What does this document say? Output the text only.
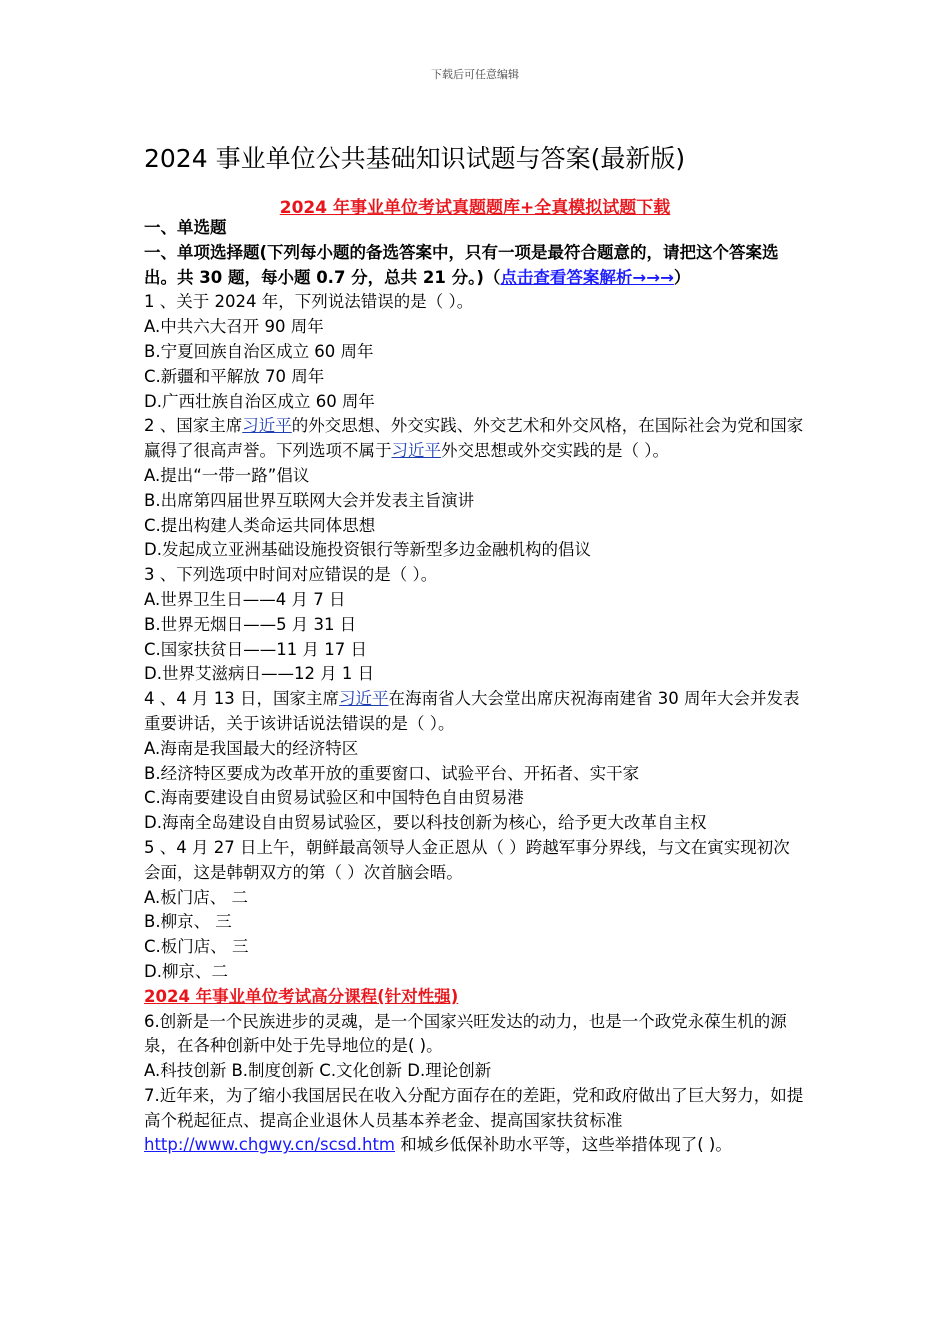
下载后可任意编辑
2024 事业单位公共基础知识试题与答案(最新版)
2024 年事业单位考试真题题库+全真模拟试题下载

一、单选题

一、单项选择题(下列每小题的备选答案中，只有一项是最符合题意的，请把这个答案选出。共 30 题，每小题 0.7 分，总共 21 分。)（点击查看答案解析→→→）

1 、关于 2024 年，下列说法错误的是（ ）。

A.中共六大召开 90 周年

B.宁夏回族自治区成立 60 周年

C.新疆和平解放 70 周年

D.广西壮族自治区成立 60 周年

2 、国家主席习近平的外交思想、外交实践、外交艺术和外交风格，在国际社会为党和国家赢得了很高声誉。下列选项不属于习近平外交思想或外交实践的是（ ）。

A.提出“一带一路”倡议

B.出席第四届世界互联网大会并发表主旨演讲

C.提出构建人类命运共同体思想

D.发起成立亚洲基础设施投资银行等新型多边金融机构的倡议

3 、下列选项中时间对应错误的是（ ）。

A.世界卫生日——4 月 7 日

B.世界无烟日——5 月 31 日

C.国家扶贫日——11 月 17 日

D.世界艾滋病日——12 月 1 日

4 、4 月 13 日，国家主席习近平在海南省人大会堂出席庆祝海南建省 30 周年大会并发表重要讲话，关于该讲话说法错误的是（ ）。

A.海南是我国最大的经济特区

B.经济特区要成为改革开放的重要窗口、试验平台、开拓者、实干家

C.海南要建设自由贸易试验区和中国特色自由贸易港

D.海南全岛建设自由贸易试验区，要以科技创新为核心，给予更大改革自主权

5 、4 月 27 日上午，朝鲜最高领导人金正恩从（ ）跨越军事分界线，与文在寅实现初次会面，这是韩朝双方的第（ ）次首脑会晤。

A.板门店、 二

B.柳京、 三

C.板门店、 三

D.柳京、二

2024 年事业单位考试高分课程(针对性强)

6.创新是一个民族进步的灵魂，是一个国家兴旺发达的动力，也是一个政党永葆生机的源泉，在各种创新中处于先导地位的是( )。

A.科技创新 B.制度创新 C.文化创新 D.理论创新

7.近年来，为了缩小我国居民在收入分配方面存在的差距，党和政府做出了巨大努力，如提高个税起征点、提高企业退休人员基本养老金、提高国家扶贫标准 http://www.chgwy.cn/scsd.htm 和城乡低保补助水平等，这些举措体现了( )。
